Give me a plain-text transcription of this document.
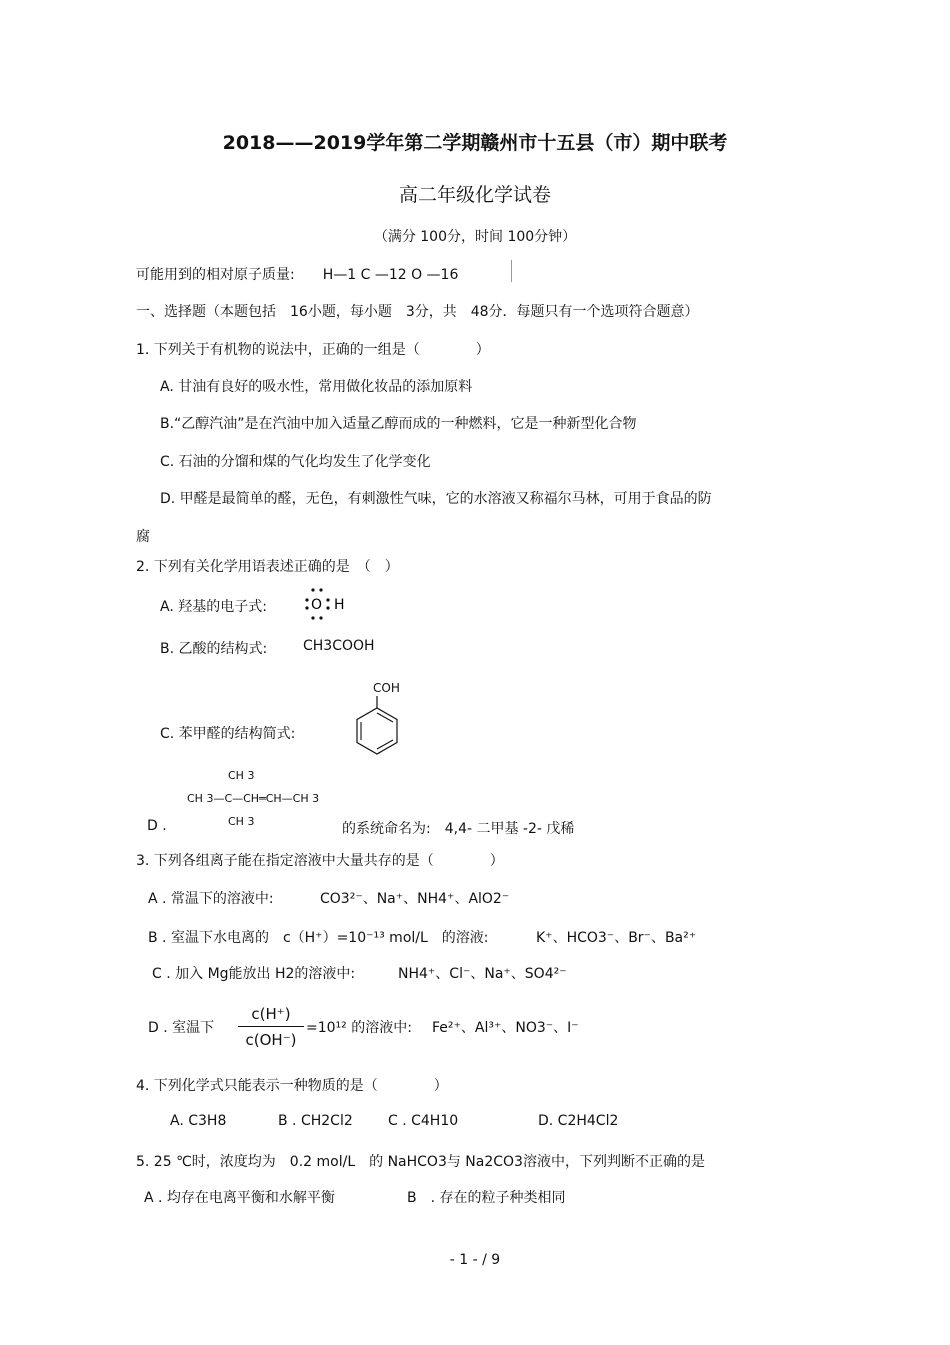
2018——2019学年第二学期赣州市十五县（市）期中联考
高二年级化学试卷
（满分 100分，时间 100分钟）
可能用到的相对原子质量:　　H—1 C —12 O —16
一、选择题（本题包括　16小题，每小题　3分，共　48分．每题只有一个选项符合题意）
1. 下列关于有机物的说法中，正确的一组是（　　　　）
A. 甘油有良好的吸水性，常用做化妆品的添加原料
B.“乙醇汽油”是在汽油中加入适量乙醇而成的一种燃料，它是一种新型化合物
C. 石油的分馏和煤的气化均发生了化学变化
D. 甲醛是最简单的醛，无色，有刺激性气味，它的水溶液又称福尔马林，可用于食品的防
腐
2. 下列有关化学用语表述正确的是　（　）
A. 羟基的电子式:	O H
B. 乙酸的结构式:	CH3COOH
COH
C. 苯甲醛的结构简式:
CH 3
CH 3—C—CH═CH—CH 3
CH 3
D .	的系统命名为:　4,4- 二甲基 -2- 戊稀
3. 下列各组离子能在指定溶液中大量共存的是（　　　　）
A . 常温下的溶液中:	CO3²⁻、Na⁺、NH4⁺、AlO2⁻
B . 室温下水电离的　c（H⁺）=10⁻¹³ mol/L　的溶液:	K⁺、HCO3⁻、Br⁻、Ba²⁺
C . 加入 Mg能放出 H2的溶液中:	NH4⁺、Cl⁻、Na⁺、SO4²⁻
D . 室温下
c(H⁺)
c(OH⁻)
=10¹² 的溶液中: Fe²⁺、Al³⁺、NO3⁻、I⁻
4. 下列化学式只能表示一种物质的是（　　　　）
A. C3H8	B . CH2Cl2	C . C4H10	D. C2H4Cl2
5. 25 ℃时，浓度均为　0.2 mol/L　的 NaHCO3与 Na2CO3溶液中，下列判断不正确的是
A . 均存在电离平衡和水解平衡	B　. 存在的粒子种类相同
- 1 - / 9
